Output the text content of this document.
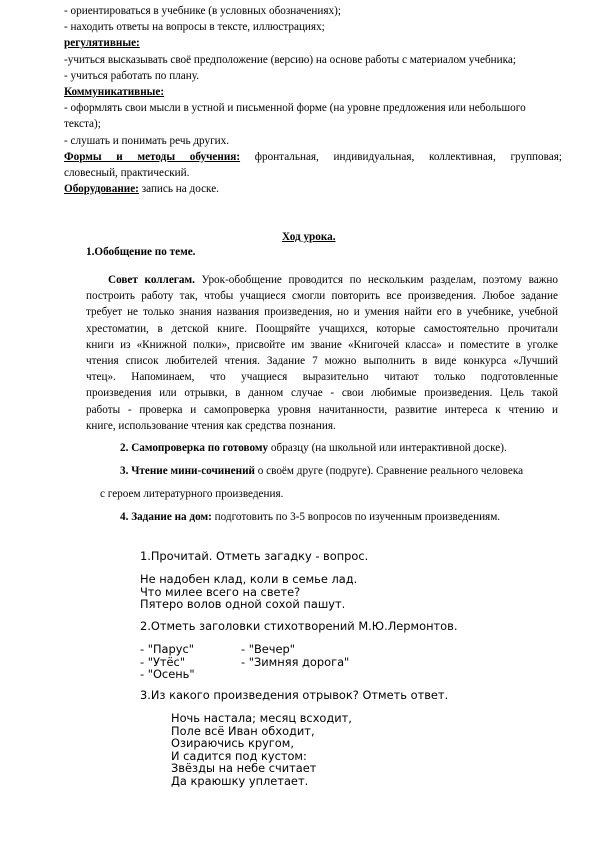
- ориентироваться в учебнике (в условных обозначениях);
- находить ответы на вопросы в тексте, иллюстрациях;
регулятивные:
-учиться высказывать своё предположение (версию) на основе работы с материалом учебника;
- учиться работать по плану.
Коммуникативные:
- оформлять свои мысли в устной и письменной форме (на уровне предложения или небольшого
текста);
- слушать и понимать речь других.
Формы и методы обучения: фронтальная, индивидуальная, коллективная, групповая;
словесный, практический.
Оборудование: запись на доске.
Ход урока.
1.Обобщение по теме.
Совет коллегам. Урок-обобщение проводится по нескольким разделам, поэтому важно
построить работу так, чтобы учащиеся смогли повторить все произведения. Любое задание
требует не только знания названия произведения, но и умения найти его в учебнике, учебной
хрестоматии, в детской книге. Поощряйте учащихся, которые самостоятельно прочитали
книги из «Книжной полки», присвойте им звание «Книгочей класса» и поместите в уголке
чтения список любителей чтения. Задание 7 можно выполнить в виде конкурса «Лучший
чтец». Напоминаем, что учащиеся выразительно читают только подготовленные
произведения или отрывки, в данном случае - свои любимые произведения. Цель такой
работы - проверка и самопроверка уровня начитанности, развитие интереса к чтению и
книге, использование чтения как средства познания.
2. Самопроверка по готовому образцу (на школьной или интерактивной доске).
3. Чтение мини-сочинений о своём друге (подруге). Сравнение реального человека
с героем литературного произведения.
4. Задание на дом: подготовить по 3-5 вопросов по изученным произведениям.
1.Прочитай. Отметь загадку - вопрос.
Не надобен клад, коли в семье лад.
Что милее всего на свете?
Пятеро волов одной сохой пашут.
2.Отметь заголовки стихотворений М.Ю.Лермонтов.
- "Парус"
- "Утёс"
- "Осень"
- "Вечер"
- "Зимняя дорога"
3.Из какого произведения отрывок? Отметь ответ.
Ночь настала; месяц всходит,
Поле всё Иван обходит,
Озираючись кругом,
И садится под кустом:
Звёзды на небе считает
Да краюшку уплетает.
